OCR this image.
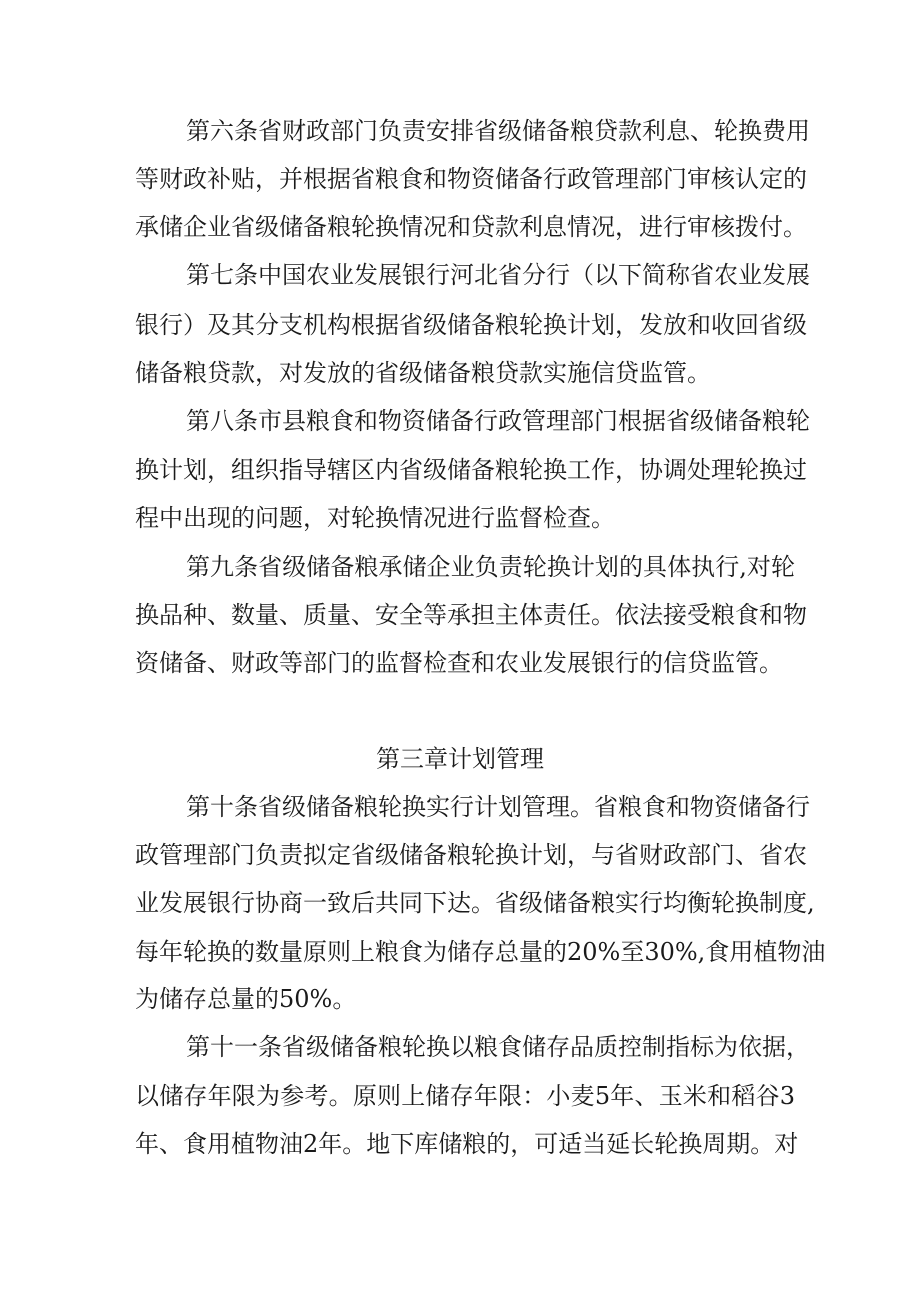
第六条省财政部门负责安排省级储备粮贷款利息、轮换费用
等财政补贴，并根据省粮食和物资储备行政管理部门审核认定的
承储企业省级储备粮轮换情况和贷款利息情况，进行审核拨付。
第七条中国农业发展银行河北省分行（以下简称省农业发展
银行）及其分支机构根据省级储备粮轮换计划，发放和收回省级
储备粮贷款，对发放的省级储备粮贷款实施信贷监管。
第八条市县粮食和物资储备行政管理部门根据省级储备粮轮
换计划，组织指导辖区内省级储备粮轮换工作，协调处理轮换过
程中出现的问题，对轮换情况进行监督检查。
第九条省级储备粮承储企业负责轮换计划的具体执行,对轮
换品种、数量、质量、安全等承担主体责任。依法接受粮食和物
资储备、财政等部门的监督检查和农业发展银行的信贷监管。
第三章计划管理
第十条省级储备粮轮换实行计划管理。省粮食和物资储备行
政管理部门负责拟定省级储备粮轮换计划，与省财政部门、省农
业发展银行协商一致后共同下达。省级储备粮实行均衡轮换制度,
每年轮换的数量原则上粮食为储存总量的20%至30%,食用植物油
为储存总量的50%。
第十一条省级储备粮轮换以粮食储存品质控制指标为依据，
以储存年限为参考。原则上储存年限：小麦5年、玉米和稻谷3
年、食用植物油2年。地下库储粮的，可适当延长轮换周期。对
